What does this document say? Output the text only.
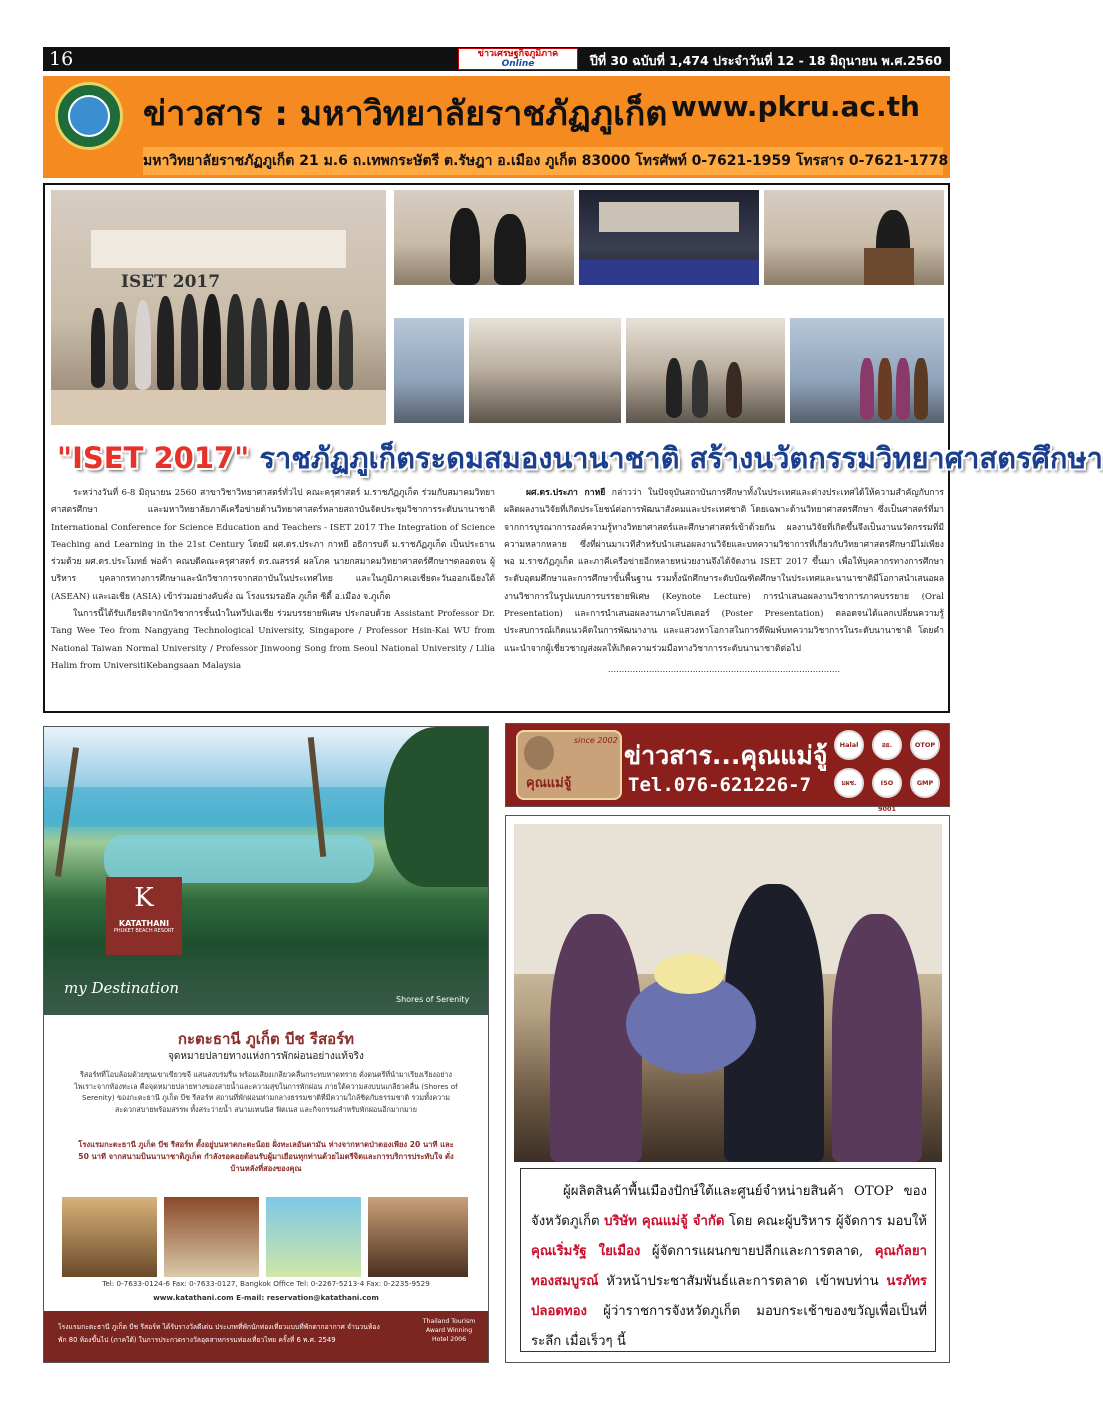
16	ข่าวเศรษฐกิจภูมิภาค
Online	ปีที่ 30 ฉบับที่ 1,474 ประจำวันที่ 12 - 18 มิถุนายน พ.ศ.2560
ข่าวสาร : มหาวิทยาลัยราชภัฏภูเก็ต www.pkru.ac.th
มหาวิทยาลัยราชภัฏภูเก็ต 21 ม.6 ถ.เทพกระษัตรี ต.รัษฎา อ.เมือง ภูเก็ต 83000 โทรศัพท์ 0-7621-1959 โทรสาร 0-7621-1778
ISET 2017
"ISET 2017" ราชภัฏภูเก็ตระดมสมองนานาชาติ สร้างนวัตกรรมวิทยาศาสตรศึกษา

ระหว่างวันที่ 6-8 มิถุนายน 2560 สาขาวิชาวิทยาศาสตร์ทั่วไป คณะครุศาสตร์ ม.ราชภัฏภูเก็ต ร่วมกับสมาคมวิทยาศาสตรศึกษา และมหาวิทยาลัยภาคีเครือข่ายด้านวิทยาศาสตร์หลายสถาบันจัดประชุมวิชาการระดับนานาชาติ International Conference for Science Education and Teachers - ISET 2017 The Integration of Science Teaching and Learning in the 21st Century โดยมี ผศ.ดร.ประภา กาหยี อธิการบดี ม.ราชภัฏภูเก็ต เป็นประธาน ร่วมด้วย ผศ.ดร.ประโมทย์ พ่อค้า คณบดีคณะครุศาสตร์ ดร.ณสรรค์ ผลโภค นายกสมาคมวิทยาศาสตร์ศึกษาฯตลอดจน ผู้บริหาร บุคลากรทางการศึกษาและนักวิชาการจากสถาบันในประเทศไทย และในภูมิภาคเอเชียตะวันออกเฉียงใต้ (ASEAN) และเอเชีย (ASIA) เข้าร่วมอย่างคับคั่ง ณ โรงแรมรอยัล ภูเก็ต ซิตี้ อ.เมือง จ.ภูเก็ต

ในการนี้ได้รับเกียรติจากนักวิชาการชั้นนำในทวีปเอเชีย ร่วมบรรยายพิเศษ ประกอบด้วย Assistant Professor Dr. Tang Wee Teo from Nangyang Technological University, Singapore / Professor Hsin-Kai WU from National Taiwan Normal University / Professor Jinwoong Song from Seoul National University / Lilia Halim from UniversitiKebangsaan Malaysia

ผศ.ดร.ประภา กาหยี กล่าวว่า ในปัจจุบันสถาบันการศึกษาทั้งในประเทศและต่างประเทศได้ให้ความสำคัญกับการผลิตผลงานวิจัยที่เกิดประโยชน์ต่อการพัฒนาสังคมและประเทศชาติ โดยเฉพาะด้านวิทยาศาสตรศึกษา ซึ่งเป็นศาสตร์ที่มาจากการบูรณาการองค์ความรู้ทางวิทยาศาสตร์และศึกษาศาสตร์เข้าด้วยกัน ผลงานวิจัยที่เกิดขึ้นจึงเป็นงานนวัตกรรมที่มีความหลากหลาย ซึ่งที่ผ่านมาเวทีสำหรับนำเสนอผลงานวิจัยและบทความวิชาการที่เกี่ยวกับวิทยาศาสตรศึกษามีไม่เพียงพอ ม.ราชภัฏภูเก็ต และภาคีเครือข่ายอีกหลายหน่วยงานจึงได้จัดงาน ISET 2017 ขึ้นมา เพื่อให้บุคลากรทางการศึกษาระดับอุดมศึกษาและการศึกษาขั้นพื้นฐาน รวมทั้งนักศึกษาระดับบัณฑิตศึกษาในประเทศและนานาชาติมีโอกาสนำเสนอผลงานวิชาการในรูปแบบการบรรยายพิเศษ (Keynote Lecture) การนำเสนอผลงานวิชาการภาคบรรยาย (Oral Presentation) และการนำเสนอผลงานภาคโปสเตอร์ (Poster Presentation) ตลอดจนได้แลกเปลี่ยนความรู้ ประสบการณ์เกิดแนวคิดในการพัฒนางาน และแสวงหาโอกาสในการตีพิมพ์บทความวิชาการในระดับนานาชาติ โดยคำแนะนำจากผู้เชี่ยวชาญส่งผลให้เกิดความร่วมมือทางวิชาการระดับนานาชาติต่อไป

.....................................................................................
K
KATATHANI
PHUKET BEACH RESORT
my Destination
Shores of Serenity
กะตะธานี ภูเก็ต บีช รีสอร์ท
จุดหมายปลายทางแห่งการพักผ่อนอย่างแท้จริง
รีสอร์ทที่โอบล้อมด้วยขุนเขาเขียวขจี แสนสงบร่มรื่น พร้อมเสียงเกลียวคลื่นกระทบหาดทราย ดั่งดนตรีที่นำมาเรียงเรียงอย่างไพเราะจากท้องทะเล คือจุดหมายปลายทางของสายน้ำและความสุขในการพักผ่อน ภายใต้ความสงบบนเกลียวคลื่น (Shores of Serenity) ของกะตะธานี ภูเก็ต บีช รีสอร์ท สถานที่พักผ่อนท่ามกลางธรรมชาติที่มีความใกล้ชิดกับธรรมชาติ รวมทั้งความสะดวกสบายพร้อมสรรพ ทั้งสระว่ายน้ำ สนามเทนนิส ฟิตเนส และกิจกรรมสำหรับพักผ่อนอีกมากมาย
โรงแรมกะตะธานี ภูเก็ต บีช รีสอร์ท ตั้งอยู่บนหาดกะตะน้อย ฝั่งทะเลอันดามัน ห่างจากหาดป่าตองเพียง 20 นาที และ 50 นาที จากสนามบินนานาชาติภูเก็ต กำลังรอคอยต้อนรับผู้มาเยือนทุกท่านด้วยไมตรีจิตและการบริการประทับใจ ดั่งบ้านหลังที่สองของคุณ
Tel: 0-7633-0124-6 Fax: 0-7633-0127, Bangkok Office Tel: 0-2267-5213-4 Fax: 0-2235-9529
www.katathani.com E-mail: reservation@katathani.com
โรงแรมกะตะธานี ภูเก็ต บีช รีสอร์ท ได้รับรางวัลดีเด่น ประเภทที่พักนักท่องเที่ยวแบบที่พักตากอากาศ จำนวนห้องพัก 80 ห้องขึ้นไป (ภาคใต้) ในการประกวดรางวัลอุตสาหกรรมท่องเที่ยวไทย ครั้งที่ 6 พ.ศ. 2549
Thailand Tourism Award Winning Hotel 2006
since 2002
คุณแม่จู้
ข่าวสาร...คุณแม่จู้
Tel.076-621226-7
Halal	อย.	OTOP
มผช.	ISO 9001
GMP

ผู้ผลิตสินค้าพื้นเมืองปักษ์ใต้และศูนย์จำหน่ายสินค้า OTOP ของจังหวัดภูเก็ต บริษัท คุณแม่จู้ จำกัด โดย คณะผู้บริหาร ผู้จัดการ มอบให้ คุณเริ่มรัฐ ใยเมือง ผู้จัดการแผนกขายปลีกและการตลาด, คุณกัลยา ทองสมบูรณ์ หัวหน้าประชาสัมพันธ์และการตลาด เข้าพบท่าน นรภัทร ปลอดทอง ผู้ว่าราชการจังหวัดภูเก็ต มอบกระเช้าของขวัญเพื่อเป็นที่ระลึก เมื่อเร็วๆ นี้
